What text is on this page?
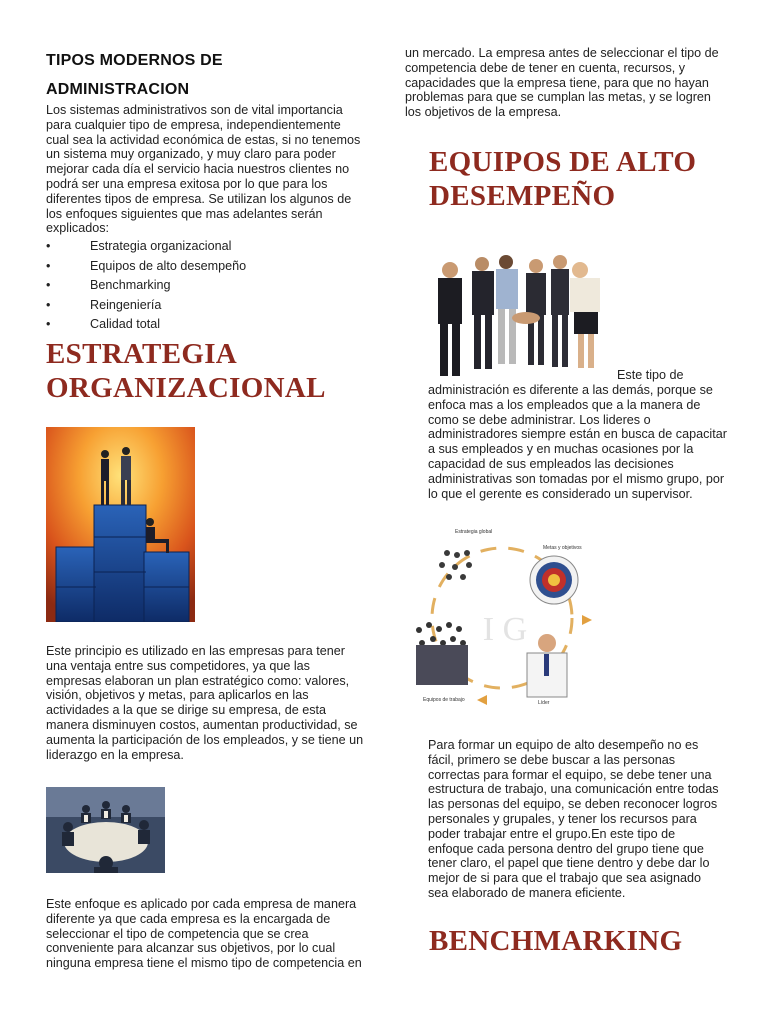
TIPOS MODERNOS DE
ADMINISTRACION
Los sistemas administrativos son de vital importancia para cualquier tipo de empresa, independientemente cual sea la actividad económica de estas, si no tenemos un sistema muy organizado, y muy claro para poder mejorar cada día el servicio hacia nuestros clientes no podrá ser una empresa exitosa por lo que para los diferentes tipos de empresa. Se utilizan los algunos de los enfoques siguientes que mas adelantes serán explicados:
• Estrategia organizacional
• Equipos de alto desempeño
• Benchmarking
• Reingeniería
• Calidad total
ESTRATEGIA
ORGANIZACIONAL
Este principio es utilizado en las empresas para tener una ventaja entre sus competidores, ya que las empresas elaboran un plan estratégico como: valores, visión, objetivos y metas, para aplicarlos en las actividades a la que se dirige su empresa, de esta manera disminuyen costos, aumentan productividad, se aumenta la participación de los empleados, y se tiene un liderazgo en la empresa.
Este enfoque es aplicado por cada empresa de manera diferente ya que cada empresa es la encargada de seleccionar el tipo de competencia que se crea conveniente para alcanzar sus objetivos, por lo cual ninguna empresa tiene el mismo tipo de competencia en
un mercado. La empresa antes de seleccionar el tipo de competencia debe de tener en cuenta, recursos, y capacidades que la empresa tiene, para que no hayan problemas para que se cumplan las metas, y se logren los objetivos de la empresa.
EQUIPOS DE ALTO
DESEMPEÑO
Este tipo de
administración es diferente a las demás, porque se enfoca mas a los empleados que a la manera de como se debe administrar. Los lideres o administradores siempre están en busca de capacitar a sus empleados y en muchas ocasiones por la capacidad de sus empleados las decisiones administrativas son tomadas por el mismo grupo, por lo que el gerente es considerado un supervisor.
I G
Estrategia global
Metas y objetivos
Equipos de trabajo	Líder
Para formar un equipo de alto desempeño no es fácil, primero se debe buscar a las personas correctas para formar el equipo, se debe tener una estructura de trabajo, una comunicación entre todas las personas del equipo, se deben reconocer logros personales y grupales, y tener los recursos para poder trabajar entre el grupo.En este tipo de enfoque cada persona dentro del grupo tiene que tener claro, el papel que tiene dentro y debe dar lo mejor de si para que el trabajo que sea asignado sea elaborado de manera eficiente.
BENCHMARKING
